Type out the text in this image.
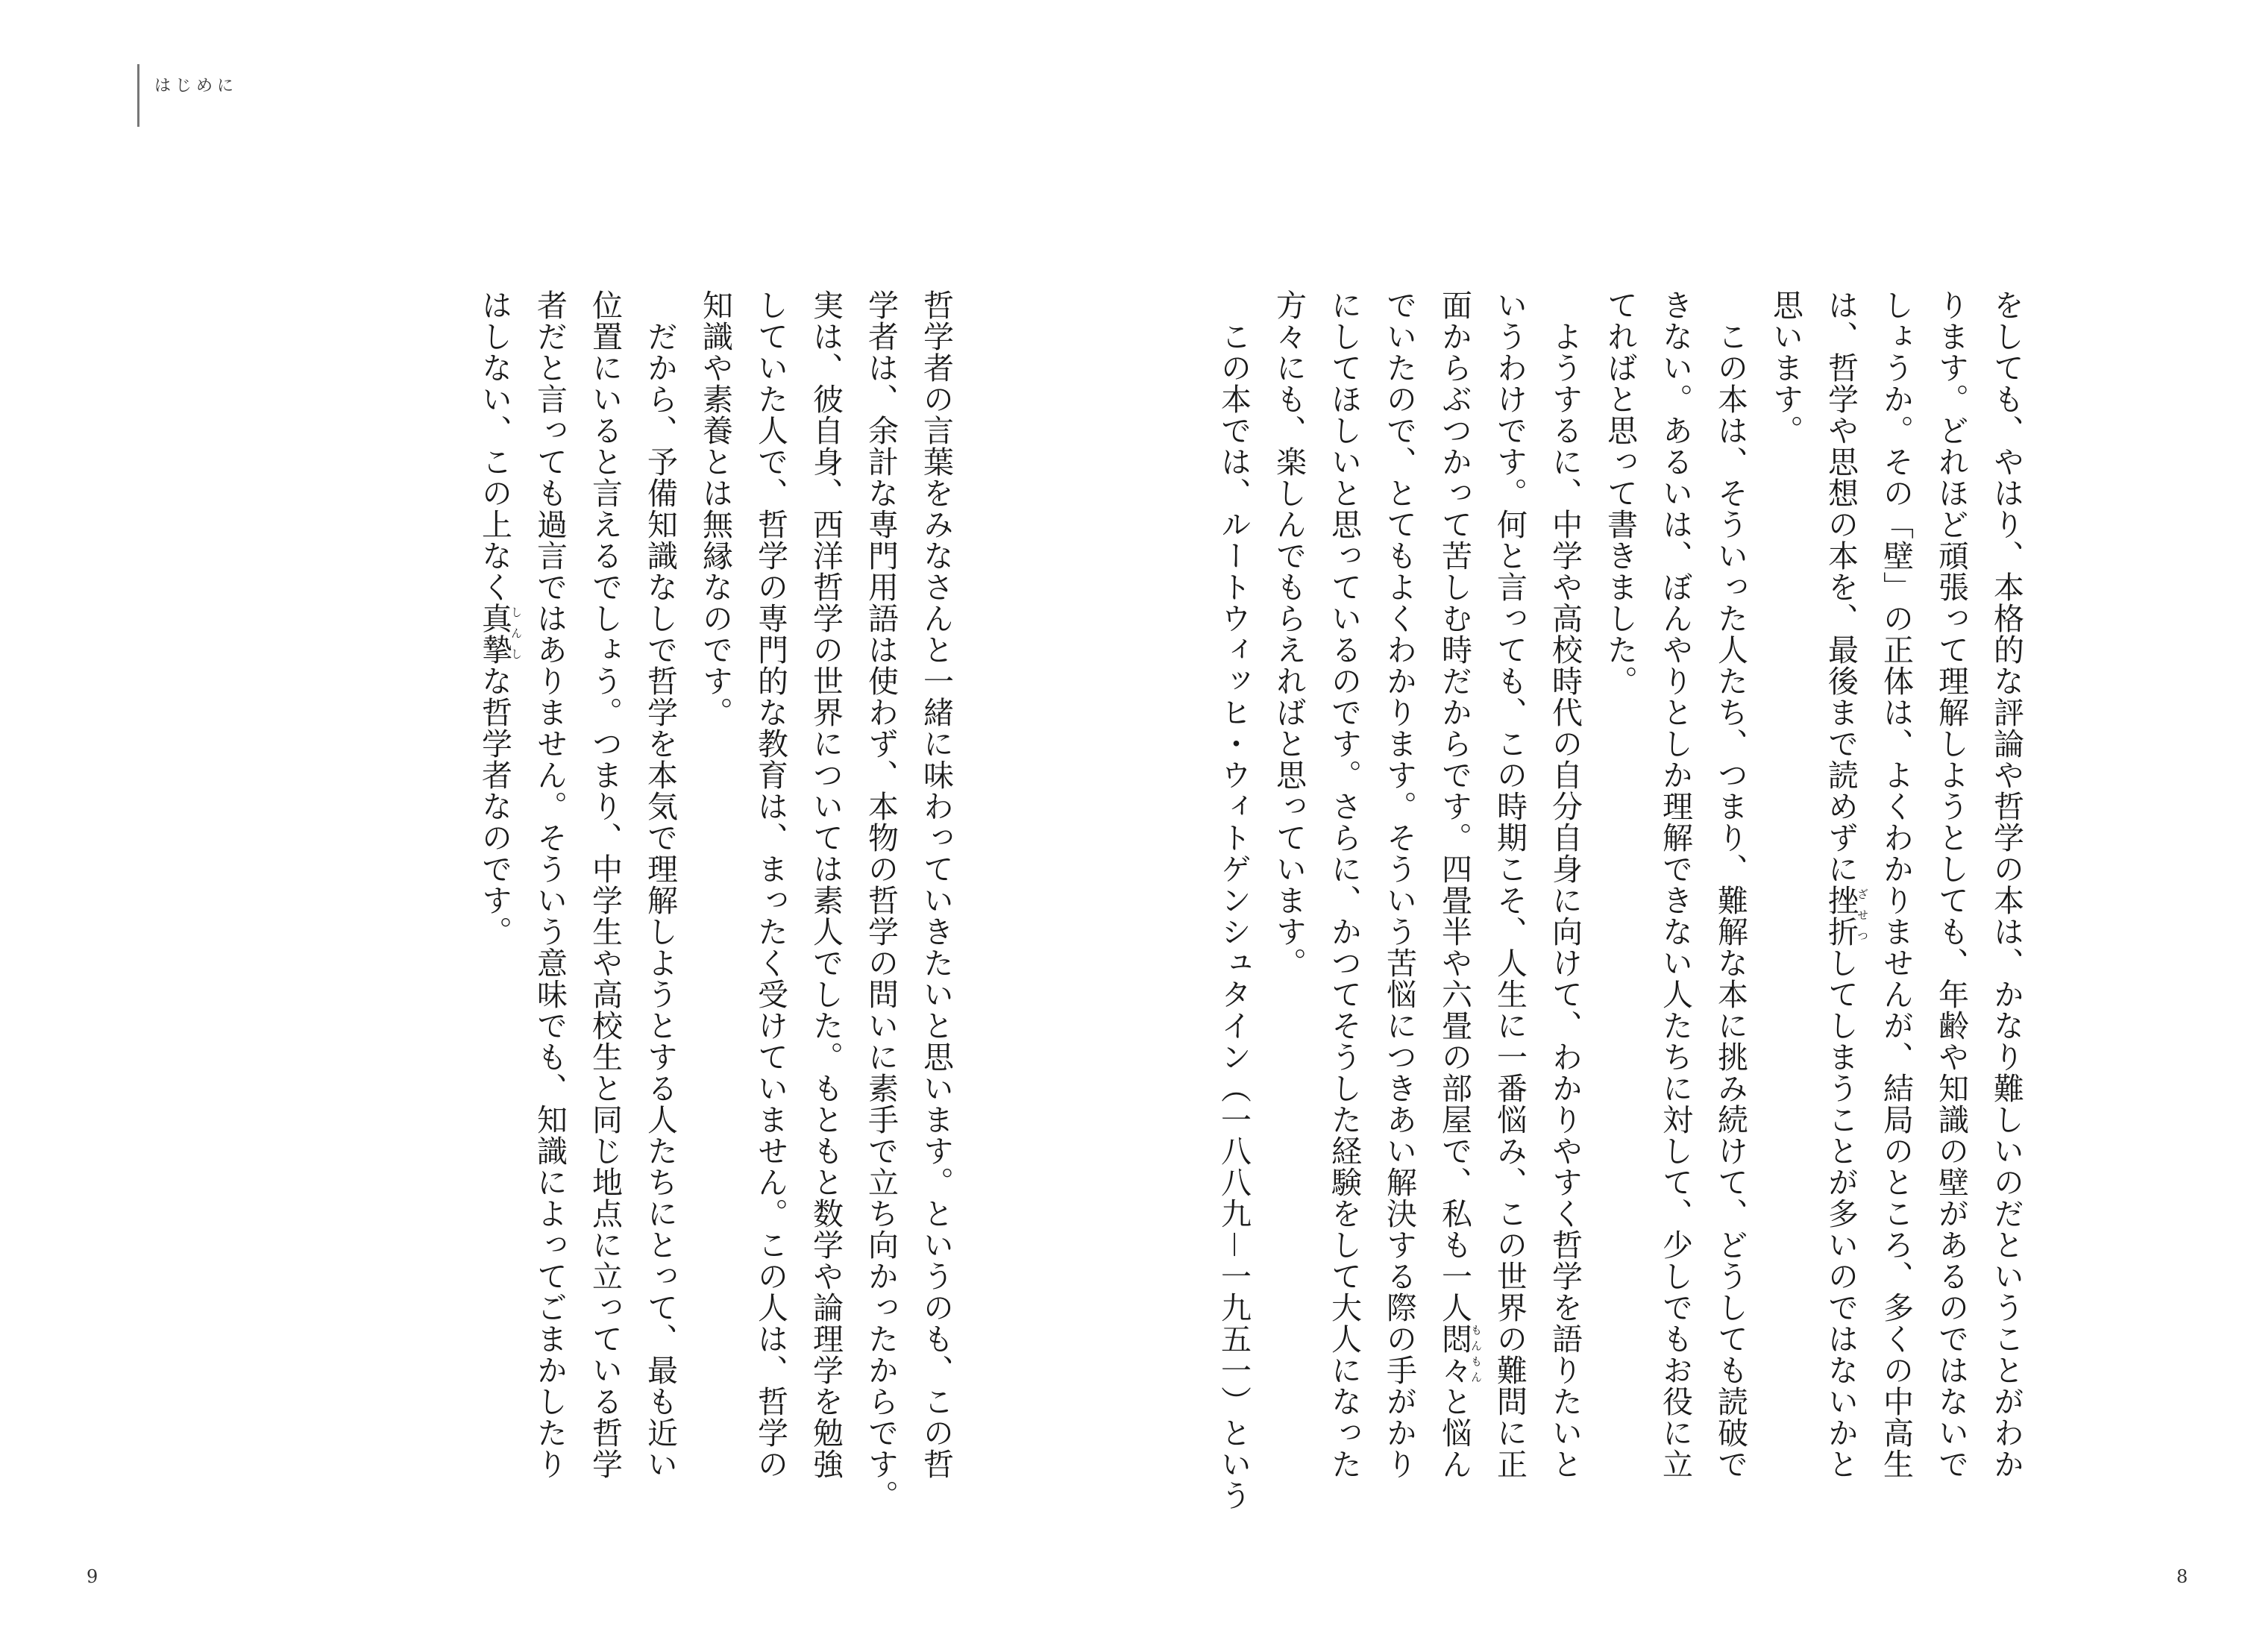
はじめに
9	8
をしても、やはり、本格的な評論や哲学の本は、かなり難しいのだということがわか
ります。どれほど頑張って理解しようとしても、年齢や知識の壁があるのではないで
しょうか。その「壁」の正体は、よくわかりませんが、結局のところ、多くの中高生
は、哲学や思想の本を、最後まで読めずに挫折ざせつしてしまうことが多いのではないかと
思います。
　この本は、そういった人たち、つまり、難解な本に挑み続けて、どうしても読破で
きない。あるいは、ぼんやりとしか理解できない人たちに対して、少しでもお役に立
てればと思って書きました。
　ようするに、中学や高校時代の自分自身に向けて、わかりやすく哲学を語りたいと
いうわけです。何と言っても、この時期こそ、人生に一番悩み、この世界の難問に正
面からぶつかって苦しむ時だからです。四畳半や六畳の部屋で、私も一人悶々もんもんと悩ん
でいたので、とてもよくわかります。そういう苦悩につきあい解決する際の手がかり
にしてほしいと思っているのです。さらに、かつてそうした経験をして大人になった
方々にも、楽しんでもらえればと思っています。
　この本では、ルートウィッヒ・ウィトゲンシュタイン（一八八九－一九五一）という
哲学者の言葉をみなさんと一緒に味わっていきたいと思います。というのも、この哲
学者は、余計な専門用語は使わず、本物の哲学の問いに素手で立ち向かったからです。
実は、彼自身、西洋哲学の世界については素人でした。もともと数学や論理学を勉強
していた人で、哲学の専門的な教育は、まったく受けていません。この人は、哲学の
知識や素養とは無縁なのです。
　だから、予備知識なしで哲学を本気で理解しようとする人たちにとって、最も近い
位置にいると言えるでしょう。つまり、中学生や高校生と同じ地点に立っている哲学
者だと言っても過言ではありません。そういう意味でも、知識によってごまかしたり
はしない、この上なく真摯しんしな哲学者なのです。
